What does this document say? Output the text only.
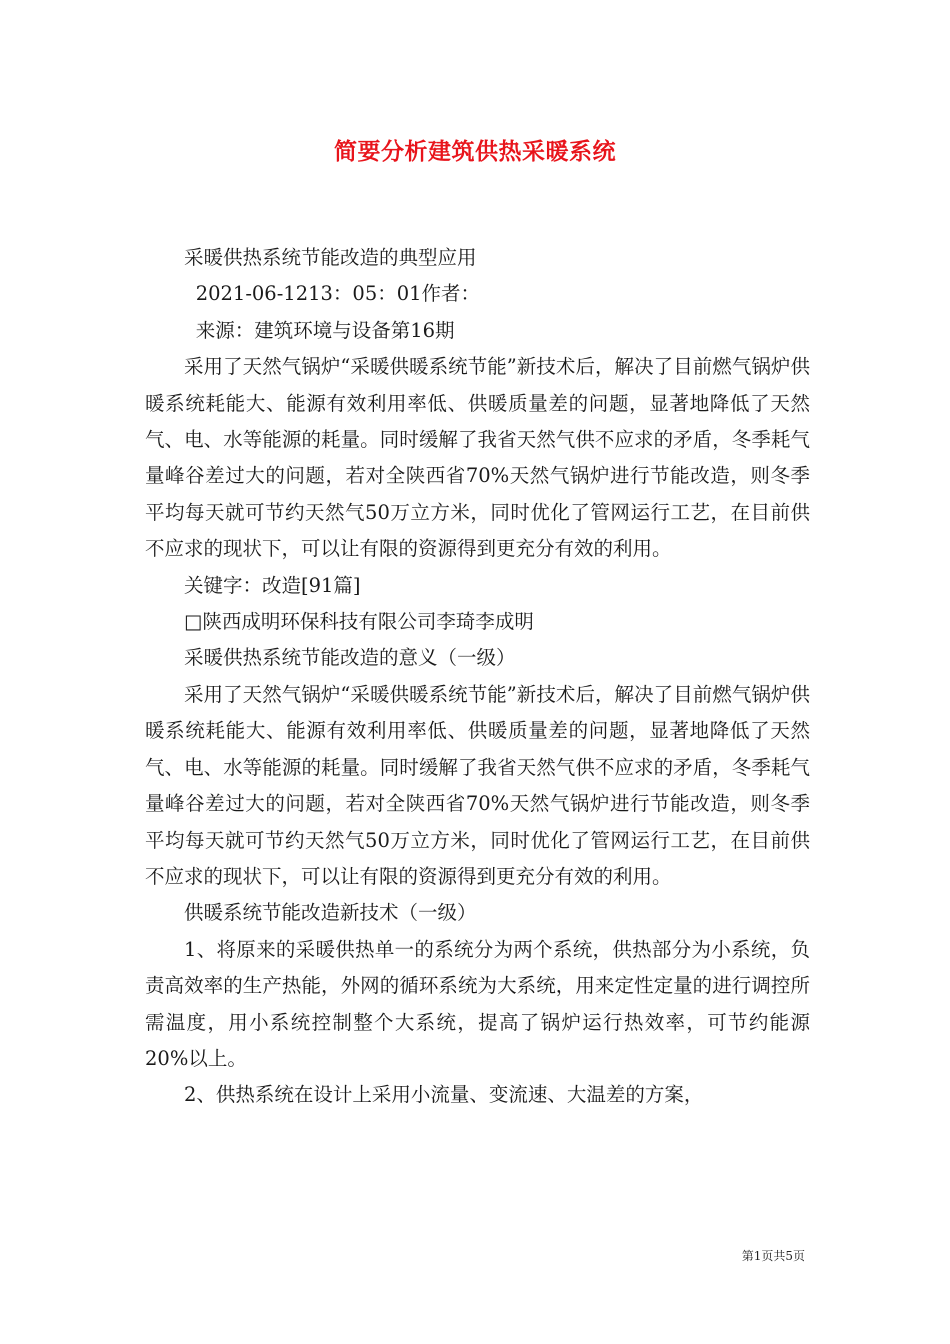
简要分析建筑供热采暖系统

采暖供热系统节能改造的典型应用

2021-06-1213：05：01作者：

来源：建筑环境与设备第16期

采用了天然气锅炉“采暖供暖系统节能”新技术后，解决了目前燃气锅炉供暖系统耗能大、能源有效利用率低、供暖质量差的问题，显著地降低了天然气、电、水等能源的耗量。同时缓解了我省天然气供不应求的矛盾，冬季耗气量峰谷差过大的问题，若对全陕西省70%天然气锅炉进行节能改造，则冬季平均每天就可节约天然气50万立方米，同时优化了管网运行工艺，在目前供不应求的现状下，可以让有限的资源得到更充分有效的利用。

关键字：改造[91篇]

□陕西成明环保科技有限公司李琦李成明

采暖供热系统节能改造的意义（一级）

采用了天然气锅炉“采暖供暖系统节能”新技术后，解决了目前燃气锅炉供暖系统耗能大、能源有效利用率低、供暖质量差的问题，显著地降低了天然气、电、水等能源的耗量。同时缓解了我省天然气供不应求的矛盾，冬季耗气量峰谷差过大的问题，若对全陕西省70%天然气锅炉进行节能改造，则冬季平均每天就可节约天然气50万立方米，同时优化了管网运行工艺，在目前供不应求的现状下，可以让有限的资源得到更充分有效的利用。

供暖系统节能改造新技术（一级）

1、将原来的采暖供热单一的系统分为两个系统，供热部分为小系统，负责高效率的生产热能，外网的循环系统为大系统，用来定性定量的进行调控所需温度，用小系统控制整个大系统，提高了锅炉运行热效率，可节约能源20%以上。

2、供热系统在设计上采用小流量、变流速、大温差的方案，

第1页共5页
